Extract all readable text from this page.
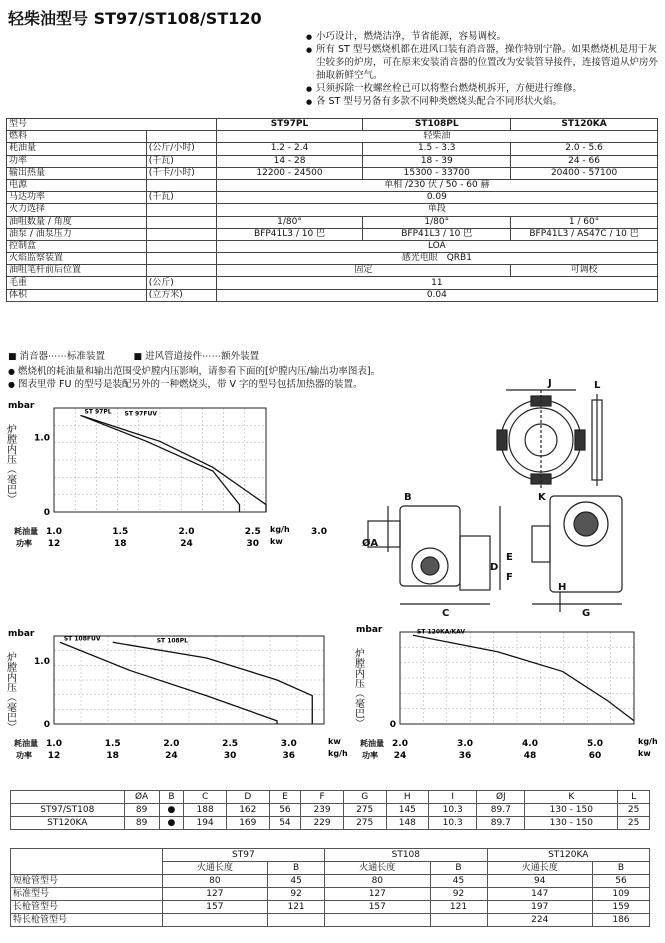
轻柴油型号 ST97/ST108/ST120
● 小巧设计，燃烧洁净，节省能源，容易调校。
● 所有 ST 型号燃烧机都在进风口装有消音器，操作特别宁静。如果燃烧机是用于灰尘较多的炉房，可在原来安装消音器的位置改为安装管导接件，连接管道从炉房外抽取新鲜空气。
● 只须拆除一枚螺丝栓已可以将整台燃烧机拆开，方便进行维修。
● 各 ST 型号另备有多款不同种类燃烧头配合不同形状火焰。
型号		ST97PL	ST108PL	ST120KA
燃料		轻柴油		
耗油量	(公斤/小时)	1.2 - 2.4	1.5 - 3.3	2.0 - 5.6
功率	(千瓦)	14 - 28	18 - 39	24 - 66
输出热量	(千卡/小时)	12200 - 24500	15300 - 33700	20400 - 57100
电源		单相 /230 伏 / 50 - 60 赫		
马达功率	(千瓦)	0.09		
火力选择		单段		
油咀数量 / 角度		1/80°	1/80°	1 / 60°
油泵 / 油泵压力		BFP41L3 / 10 巴	BFP41L3 / 10 巴	BFP41L3 / AS47C / 10 巴
控制盒		LOA		
火焰监察装置		感光电眼　QRB1		
油咀笔杆前后位置		固定		可调校
毛重	(公斤)	11		
体积	(立方米)	0.04		
■ 消音器⋯⋯标准装置　　　	■ 进风管道接件⋯⋯额外装置
● 燃烧机的耗油量和输出范围受炉膛内压影响，请参看下面的[炉膛内压/输出功率图表]。
● 图表里带 FU 的型号是装配另外的一种燃烧头，带 V 字的型号包括加热器的装置。
mbar
炉膛内压（毫巴）
0
1.0
耗油量
功率
1.0	1.5	2.0	2.5	3.0
12	18	24	30
kg/h
kw
ST 97PL ST 97FUV
mbar
炉膛内压（毫巴）	0
1.0
耗油量
功率
1.0	1.5	2.0	2.5	3.0
12	18	24	30	36
kw
kg/h
ST 108FUV	ST 108PL
mbar
炉膛内压（毫巴）	0
耗油量
功率
2.0	3.0	4.0	5.0
24	36	48	60
kg/h
kw
ST 120KA/KAV
J	L
K
ØA
B
D
E
F
C
H
G
	ØA	B	C	D	E	F	G	H	I	ØJ	K	L
ST97/ST108	89	●	188	162	56	239	275	145	10.3	89.7	130 - 150	25
ST120KA	89	●	194	169	54	229	275	148	10.3	89.7	130 - 150	25
	ST97		ST108		ST120KA	
	火通长度	B	火通长度	B	火通长度	B
短枪管型号	80	45	80	45	94	56
标准型号	127	92	127	92	147	109
长枪管型号	157	121	157	121	197	159
特长枪管型号					224	186
